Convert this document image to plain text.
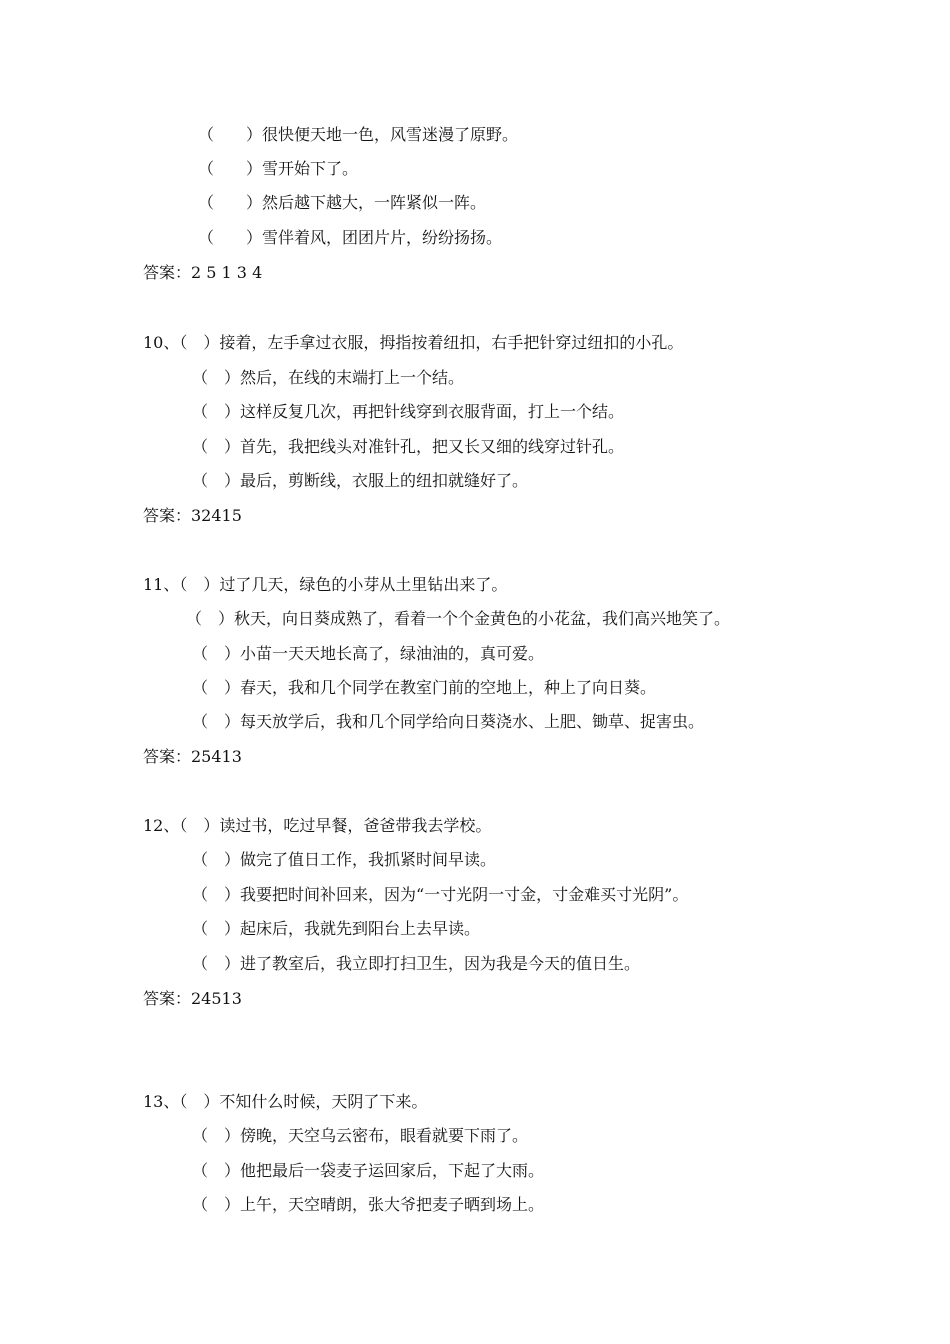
（　　）很快便天地一色，风雪迷漫了原野。
（　　）雪开始下了。
（　　）然后越下越大，一阵紧似一阵。
（　　）雪伴着风，团团片片，纷纷扬扬。
答案：2 5 1 3 4
10、（　）接着，左手拿过衣服，拇指按着纽扣，右手把针穿过纽扣的小孔。
（　）然后，在线的末端打上一个结。
（　）这样反复几次，再把针线穿到衣服背面，打上一个结。
（　）首先，我把线头对准针孔，把又长又细的线穿过针孔。
（　）最后，剪断线，衣服上的纽扣就缝好了。
答案：32415
11、（　）过了几天，绿色的小芽从土里钻出来了。
（　）秋天，向日葵成熟了，看着一个个金黄色的小花盆，我们高兴地笑了。
（　）小苗一天天地长高了，绿油油的，真可爱。
（　）春天，我和几个同学在教室门前的空地上，种上了向日葵。
（　）每天放学后，我和几个同学给向日葵浇水、上肥、锄草、捉害虫。
答案：25413
12、（　）读过书，吃过早餐，爸爸带我去学校。
（　）做完了值日工作，我抓紧时间早读。
（　）我要把时间补回来，因为“一寸光阴一寸金，寸金难买寸光阴”。
（　）起床后，我就先到阳台上去早读。
（　）进了教室后，我立即打扫卫生，因为我是今天的值日生。
答案：24513
13、（　）不知什么时候，天阴了下来。
（　）傍晚，天空乌云密布，眼看就要下雨了。
（　）他把最后一袋麦子运回家后，下起了大雨。
（　）上午，天空晴朗，张大爷把麦子晒到场上。
